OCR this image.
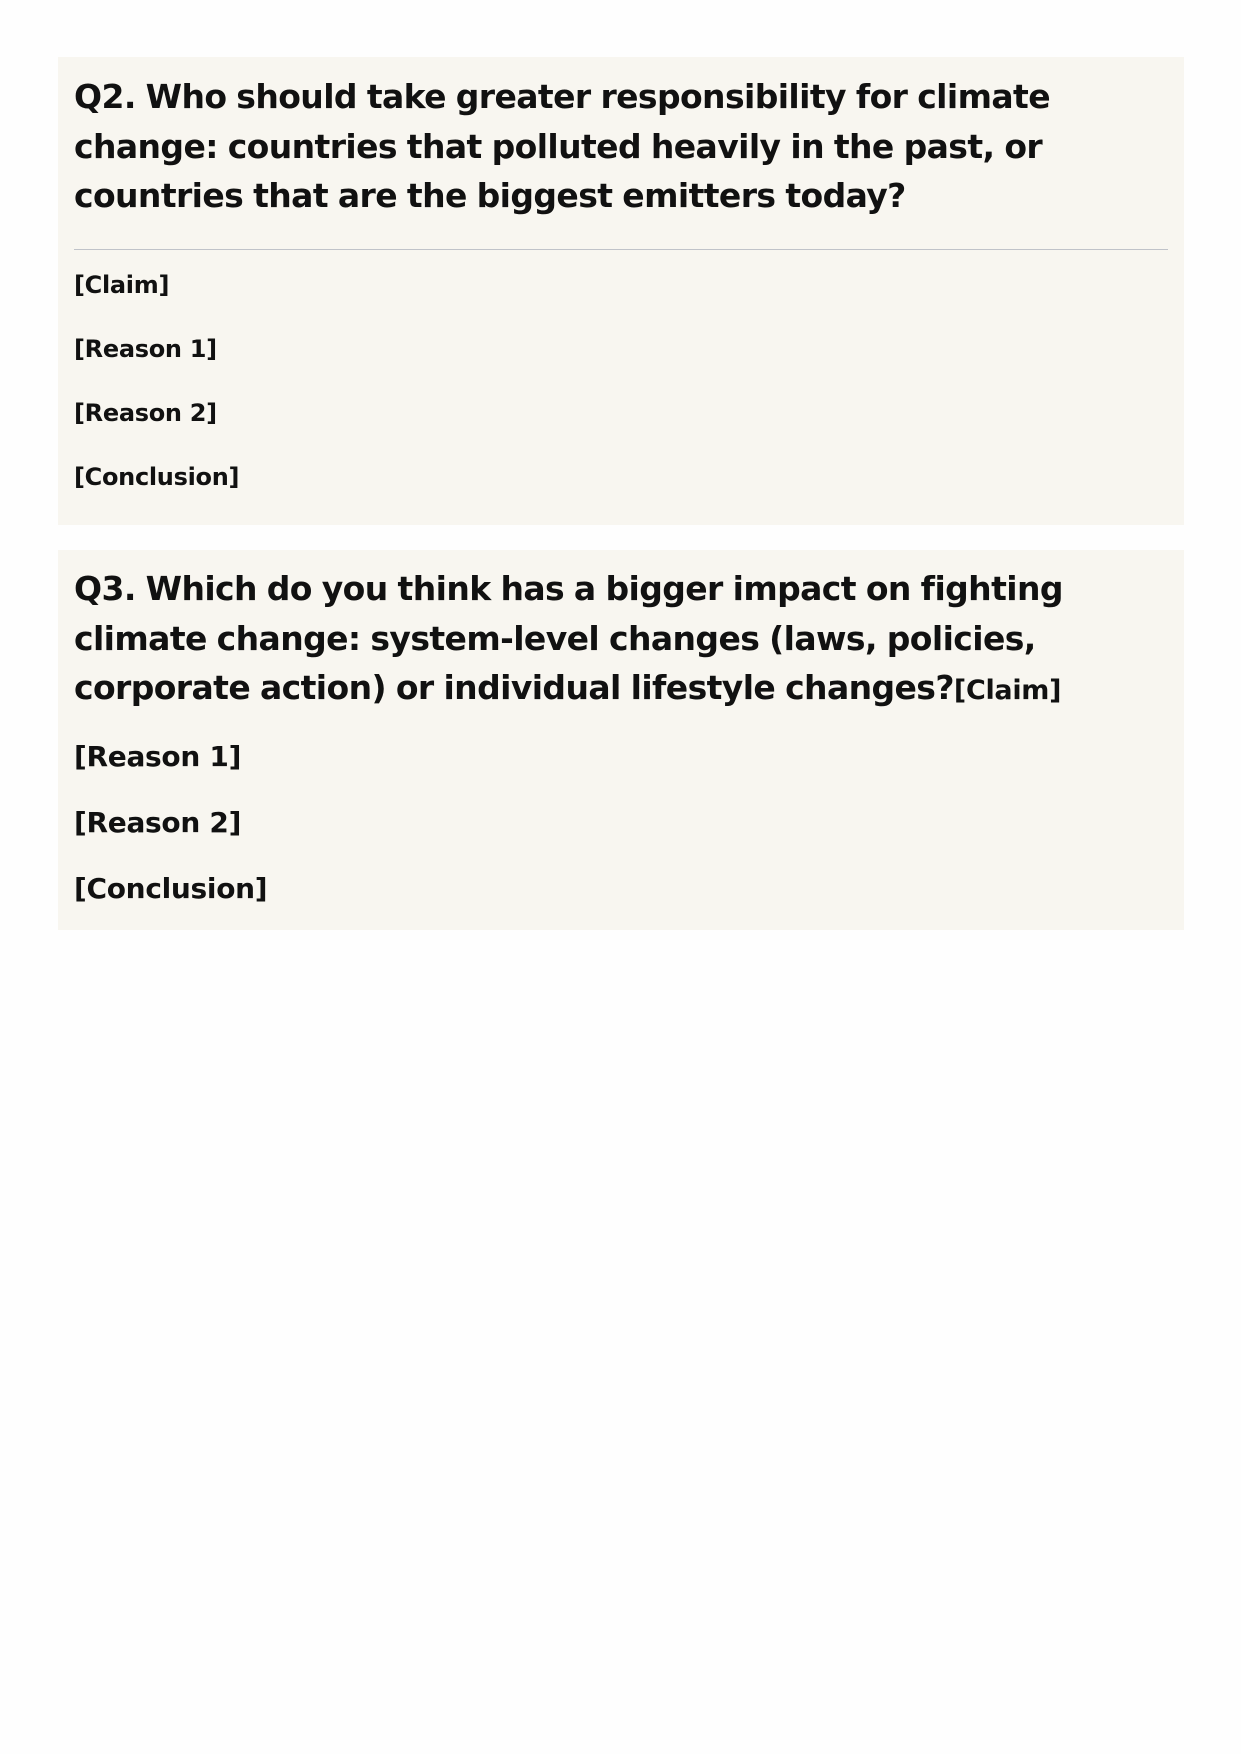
Q2. Who should take greater responsibility for climate change: countries that polluted heavily in the past, or countries that are the biggest emitters today?

[Claim]

[Reason 1]

[Reason 2]

[Conclusion]

Q3. Which do you think has a bigger impact on fighting climate change: system-level changes (laws, policies, corporate action) or individual lifestyle changes?[Claim]

[Reason 1]

[Reason 2]

[Conclusion]
